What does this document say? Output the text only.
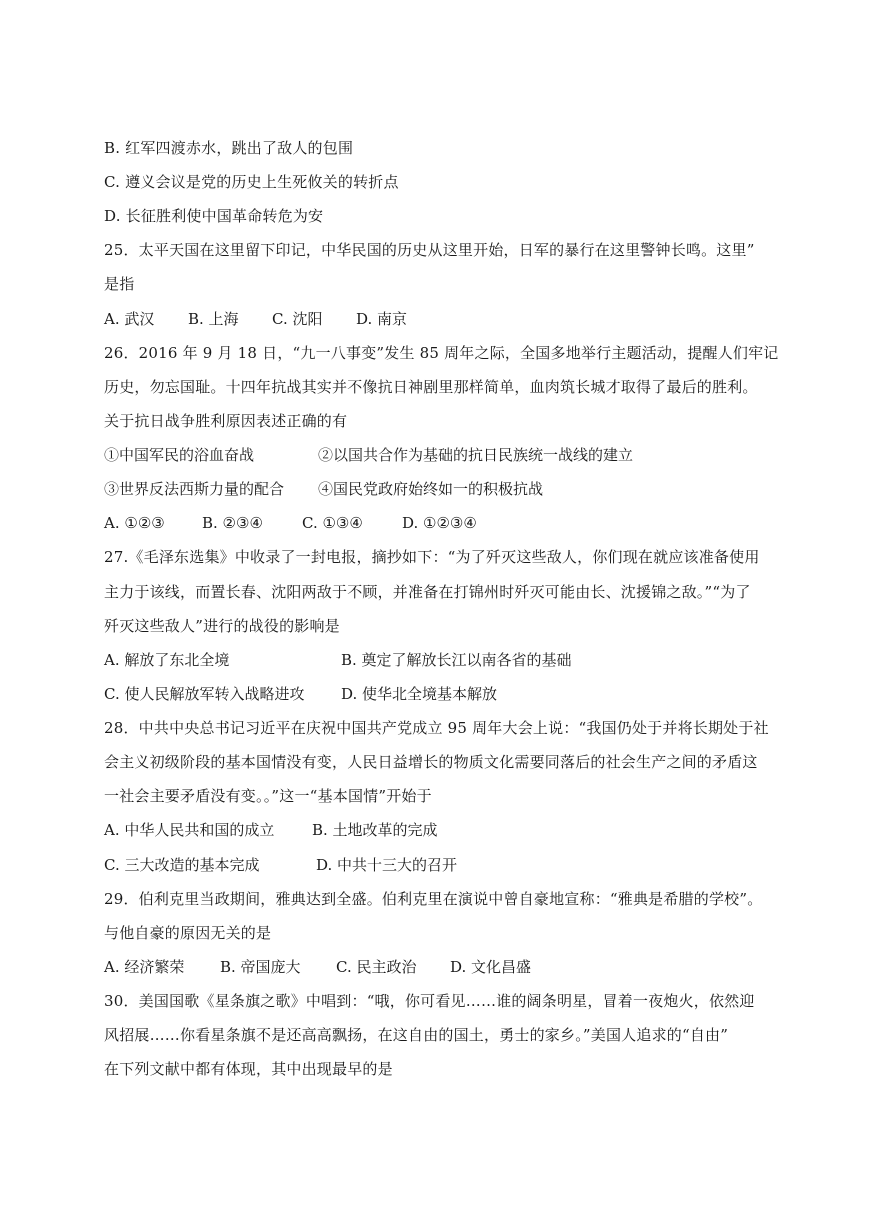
B. 红军四渡赤水，跳出了敌人的包围
C. 遵义会议是党的历史上生死攸关的转折点
D. 长征胜利使中国革命转危为安
25．太平天国在这里留下印记，中华民国的历史从这里开始，日军的暴行在这里警钟长鸣。这里”
是指
A. 武汉 B. 上海 C. 沈阳 D. 南京
26．2016 年 9 月 18 日，“九一八事变”发生 85 周年之际，全国多地举行主题活动，提醒人们牢记
历史，勿忘国耻。十四年抗战其实并不像抗日神剧里那样简单，血肉筑长城才取得了最后的胜利。
关于抗日战争胜利原因表述正确的有
①中国军民的浴血奋战	②以国共合作为基础的抗日民族统一战线的建立
③世界反法西斯力量的配合 ④国民党政府始终如一的积极抗战
A. ①②③ B. ②③④	C. ①③④	D. ①②③④
27.《毛泽东选集》中收录了一封电报，摘抄如下：“为了歼灭这些敌人，你们现在就应该准备使用
主力于该线，而置长春、沈阳两敌于不顾，并准备在打锦州时歼灭可能由长、沈援锦之敌。”“为了
歼灭这些敌人”进行的战役的影响是
A. 解放了东北全境	B. 奠定了解放长江以南各省的基础
C. 使人民解放军转入战略进攻 D. 使华北全境基本解放
28．中共中央总书记习近平在庆祝中国共产党成立 95 周年大会上说：“我国仍处于并将长期处于社
会主义初级阶段的基本国情没有变，人民日益增长的物质文化需要同落后的社会生产之间的矛盾这
一社会主要矛盾没有变。。”这一“基本国情”开始于
A. 中华人民共和国的成立	B. 土地改革的完成
C. 三大改造的基本完成	D. 中共十三大的召开
29．伯利克里当政期间，雅典达到全盛。伯利克里在演说中曾自豪地宣称：“雅典是希腊的学校”。
与他自豪的原因无关的是
A. 经济繁荣 B. 帝国庞大 C. 民主政治 D. 文化昌盛
30．美国国歌《星条旗之歌》中唱到：“哦，你可看见……谁的阔条明星，冒着一夜炮火，依然迎
风招展……你看星条旗不是还高高飘扬，在这自由的国土，勇士的家乡。”美国人追求的“自由”
在下列文献中都有体现，其中出现最早的是
